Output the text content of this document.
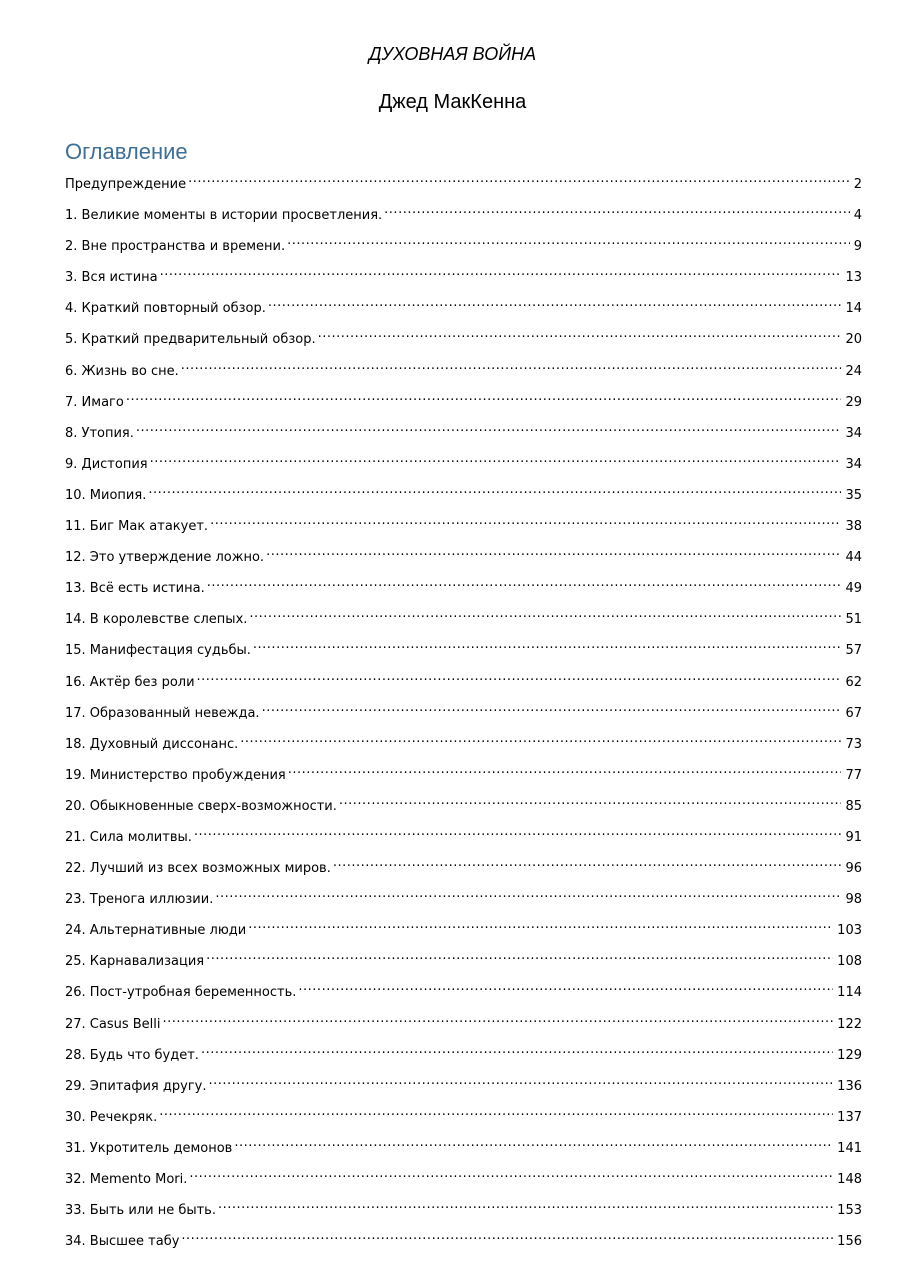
ДУХОВНАЯ ВОЙНА
Джед МакКенна
Оглавление
Предупреждение .....	2
1. Великие моменты в истории просветления. .....	4
2. Вне пространства и времени. .....	9
3. Вся истина .....	13
4. Краткий повторный обзор. .....	14
5. Краткий предварительный обзор. .....	20
6. Жизнь во сне. .....	24
7. Имаго .....	29
8. Утопия. .....	34
9. Дистопия .....	34
10. Миопия. .....	35
11. Биг Мак атакует. .....	38
12. Это утверждение ложно. .....	44
13. Всё есть истина. .....	49
14. В королевстве слепых. .....	51
15. Манифестация судьбы. .....	57
16. Актёр без роли .....	62
17. Образованный невежда. .....	67
18. Духовный диссонанс. .....	73
19. Министерство пробуждения .....	77
20. Обыкновенные сверх-возможности. .....	85
21. Сила молитвы. .....	91
22. Лучший из всех возможных миров. .....	96
23. Тренога иллюзии. .....	98
24. Альтернативные люди .....	103
25. Карнавализация .....	108
26. Пост-утробная беременность. .....	114
27. Casus Belli .....	122
28. Будь что будет. .....	129
29. Эпитафия другу. .....	136
30. Речекряк. .....	137
31. Укротитель демонов .....	141
32. Memento Mori. .....	148
33. Быть или не быть. .....	153
34. Высшее табу .....	156
